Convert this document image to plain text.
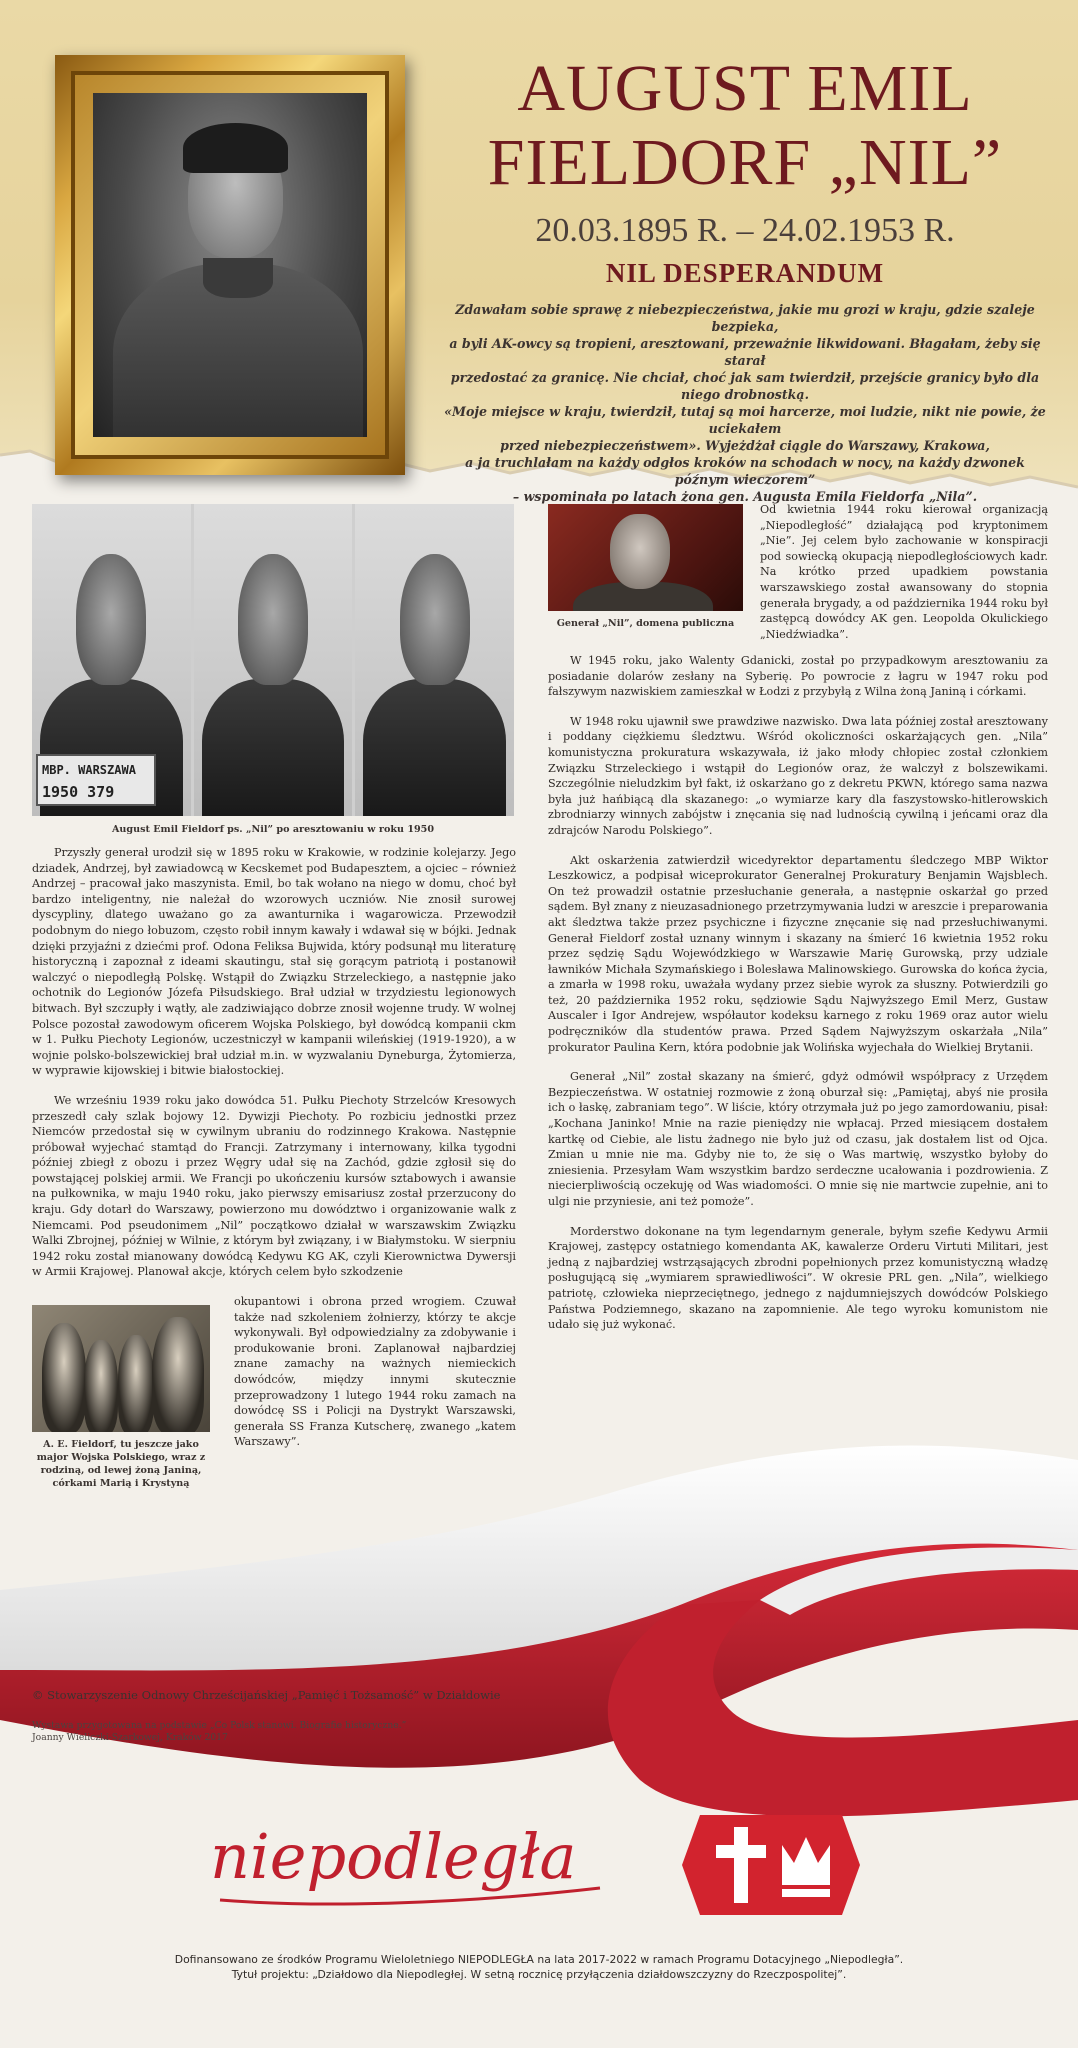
AUGUST EMIL
FIELDORF „NIL”
20.03.1895 R. – 24.02.1953 R.
NIL DESPERANDUM
Zdawałam sobie sprawę z niebezpieczeństwa, jakie mu grozi w kraju, gdzie szaleje bezpieka,
a byli AK-owcy są tropieni, aresztowani, przeważnie likwidowani. Błagałam, żeby się starał
przedostać za granicę. Nie chciał, choć jak sam twierdził, przejście granicy było dla niego drobnostką.
«Moje miejsce w kraju, twierdził, tutaj są moi harcerze, moi ludzie, nikt nie powie, że uciekałem
przed niebezpieczeństwem». Wyjeżdżał ciągle do Warszawy, Krakowa,
a ja truchlałam na każdy odgłos kroków na schodach w nocy, na każdy dzwonek późnym wieczorem”
– wspominała po latach żona gen. Augusta Emila Fieldorfa „Nila”.
MBP. WARSZAWA
1950 379
August Emil Fieldorf ps. „Nil” po aresztowaniu w roku 1950

Przyszły generał urodził się w 1895 roku w Krakowie, w rodzinie kolejarzy. Jego dziadek, Andrzej, był zawiadowcą w Kecskemet pod Budapesztem, a ojciec – również Andrzej – pracował jako maszynista. Emil, bo tak wołano na niego w domu, choć był bardzo inteligentny, nie należał do wzorowych uczniów. Nie znosił surowej dyscypliny, dlatego uważano go za awanturnika i wagarowicza. Przewodził podobnym do niego łobuzom, często robił innym kawały i wdawał się w bójki. Jednak dzięki przyjaźni z dziećmi prof. Odona Feliksa Bujwida, który podsunął mu literaturę historyczną i zapoznał z ideami skautingu, stał się gorącym patriotą i postanowił walczyć o niepodległą Polskę. Wstąpił do Związku Strzeleckiego, a następnie jako ochotnik do Legionów Józefa Piłsudskiego. Brał udział w trzydziestu legionowych bitwach. Był szczupły i wątły, ale zadziwiająco dobrze znosił wojenne trudy. W wolnej Polsce pozostał zawodowym oficerem Wojska Polskiego, był dowódcą kompanii ckm w 1. Pułku Piechoty Legionów, uczestniczył w kampanii wileńskiej (1919-1920), a w wojnie polsko-bolszewickiej brał udział m.in. w wyzwalaniu Dyneburga, Żytomierza, w wyprawie kijowskiej i bitwie białostockiej.

We wrześniu 1939 roku jako dowódca 51. Pułku Piechoty Strzelców Kresowych przeszedł cały szlak bojowy 12. Dywizji Piechoty. Po rozbiciu jednostki przez Niemców przedostał się w cywilnym ubraniu do rodzinnego Krakowa. Następnie próbował wyjechać stamtąd do Francji. Zatrzymany i internowany, kilka tygodni później zbiegł z obozu i przez Węgry udał się na Zachód, gdzie zgłosił się do powstającej polskiej armii. We Francji po ukończeniu kursów sztabowych i awansie na pułkownika, w maju 1940 roku, jako pierwszy emisariusz został przerzucony do kraju. Gdy dotarł do Warszawy, powierzono mu dowództwo i organizowanie walk z Niemcami. Pod pseudonimem „Nil” początkowo działał w warszawskim Związku Walki Zbrojnej, później w Wilnie, z którym był związany, i w Białymstoku. W sierpniu 1942 roku został mianowany dowódcą Kedywu KG AK, czyli Kierownictwa Dywersji w Armii Krajowej. Planował akcje, których celem było szkodzenie

okupantowi i obrona przed wrogiem. Czuwał także nad szkoleniem żołnierzy, którzy te akcje wykonywali. Był odpowiedzialny za zdobywanie i produkowanie broni. Zaplanował najbardziej znane zamachy na ważnych niemieckich dowódców, między innymi skutecznie przeprowadzony 1 lutego 1944 roku zamach na dowódcę SS i Policji na Dystrykt Warszawski, generała SS Franza Kutscherę, zwanego „katem Warszawy”.

A. E. Fieldorf, tu jeszcze jako major Wojska Polskiego, wraz z rodziną, od lewej żoną Janiną, córkami Marią i Krystyną
Generał „Nil”, domena publiczna

Od kwietnia 1944 roku kierował organizacją „Niepodległość” działającą pod kryptonimem „Nie”. Jej celem było zachowanie w konspiracji pod sowiecką okupacją niepodległościowych kadr. Na krótko przed upadkiem powstania warszawskiego został awansowany do stopnia generała brygady, a od października 1944 roku był zastępcą dowódcy AK gen. Leopolda Okulickiego „Niedźwiadka”.

W 1945 roku, jako Walenty Gdanicki, został po przypadkowym aresztowaniu za posiadanie dolarów zesłany na Syberię. Po powrocie z łagru w 1947 roku pod fałszywym nazwiskiem zamieszkał w Łodzi z przybyłą z Wilna żoną Janiną i córkami.

W 1948 roku ujawnił swe prawdziwe nazwisko. Dwa lata później został aresztowany i poddany ciężkiemu śledztwu. Wśród okoliczności oskarżających gen. „Nila” komunistyczna prokuratura wskazywała, iż jako młody chłopiec został członkiem Związku Strzeleckiego i wstąpił do Legionów oraz, że walczył z bolszewikami. Szczególnie nieludzkim był fakt, iż oskarżano go z dekretu PKWN, którego sama nazwa była już hańbiącą dla skazanego: „o wymiarze kary dla faszystowsko-hitlerowskich zbrodniarzy winnych zabójstw i znęcania się nad ludnością cywilną i jeńcami oraz dla zdrajców Narodu Polskiego”.

Akt oskarżenia zatwierdził wicedyrektor departamentu śledczego MBP Wiktor Leszkowicz, a podpisał wiceprokurator Generalnej Prokuratury Benjamin Wajsblech. On też prowadził ostatnie przesłuchanie generała, a następnie oskarżał go przed sądem. Był znany z nieuzasadnionego przetrzymywania ludzi w areszcie i preparowania akt śledztwa także przez psychiczne i fizyczne znęcanie się nad przesłuchiwanymi. Generał Fieldorf został uznany winnym i skazany na śmierć 16 kwietnia 1952 roku przez sędzię Sądu Wojewódzkiego w Warszawie Marię Gurowską, przy udziale ławników Michała Szymańskiego i Bolesława Malinowskiego. Gurowska do końca życia, a zmarła w 1998 roku, uważała wydany przez siebie wyrok za słuszny. Potwierdzili go też, 20 października 1952 roku, sędziowie Sądu Najwyższego Emil Merz, Gustaw Auscaler i Igor Andrejew, współautor kodeksu karnego z roku 1969 oraz autor wielu podręczników dla studentów prawa. Przed Sądem Najwyższym oskarżała „Nila” prokurator Paulina Kern, która podobnie jak Wolińska wyjechała do Wielkiej Brytanii.

Generał „Nil” został skazany na śmierć, gdyż odmówił współpracy z Urzędem Bezpieczeństwa. W ostatniej rozmowie z żoną oburzał się: „Pamiętaj, abyś nie prosiła ich o łaskę, zabraniam tego”. W liście, który otrzymała już po jego zamordowaniu, pisał: „Kochana Janinko! Mnie na razie pieniędzy nie wpłacaj. Przed miesiącem dostałem kartkę od Ciebie, ale listu żadnego nie było już od czasu, jak dostałem list od Ojca. Zmian u mnie nie ma. Gdyby nie to, że się o Was martwię, wszystko byłoby do zniesienia. Przesyłam Wam wszystkim bardzo serdeczne ucałowania i pozdrowienia. Z niecierpliwością oczekuję od Was wiadomości. O mnie się nie martwcie zupełnie, ani to ulgi nie przyniesie, ani też pomoże”.

Morderstwo dokonane na tym legendarnym generale, byłym szefie Kedywu Armii Krajowej, zastępcy ostatniego komendanta AK, kawalerze Orderu Virtuti Militari, jest jedną z najbardziej wstrząsających zbrodni popełnionych przez komunistyczną władzę posługującą się „wymiarem sprawiedliwości”. W okresie PRL gen. „Nila”, wielkiego patriotę, człowieka nieprzeciętnego, jednego z najdumniejszych dowódców Polskiego Państwa Podziemnego, skazano na zapomnienie. Ale tego wyroku komunistom nie udało się już wykonać.

© Stowarzyszenie Odnowy Chrześcijańskiej „Pamięć i Tożsamość” w Działdowie
Wystawa przygotowana na podstawie „Co Polsk stanowi. Biografie historyczne.”
Joanny Wieliczki-Szarkowej, Kraków 2017
niepodległa
Dofinansowano ze środków Programu Wieloletniego NIEPODLEGŁA na lata 2017-2022 w ramach Programu Dotacyjnego „Niepodległa”.
Tytuł projektu: „Działdowo dla Niepodległej. W setną rocznicę przyłączenia działdowszczyzny do Rzeczpospolitej”.
